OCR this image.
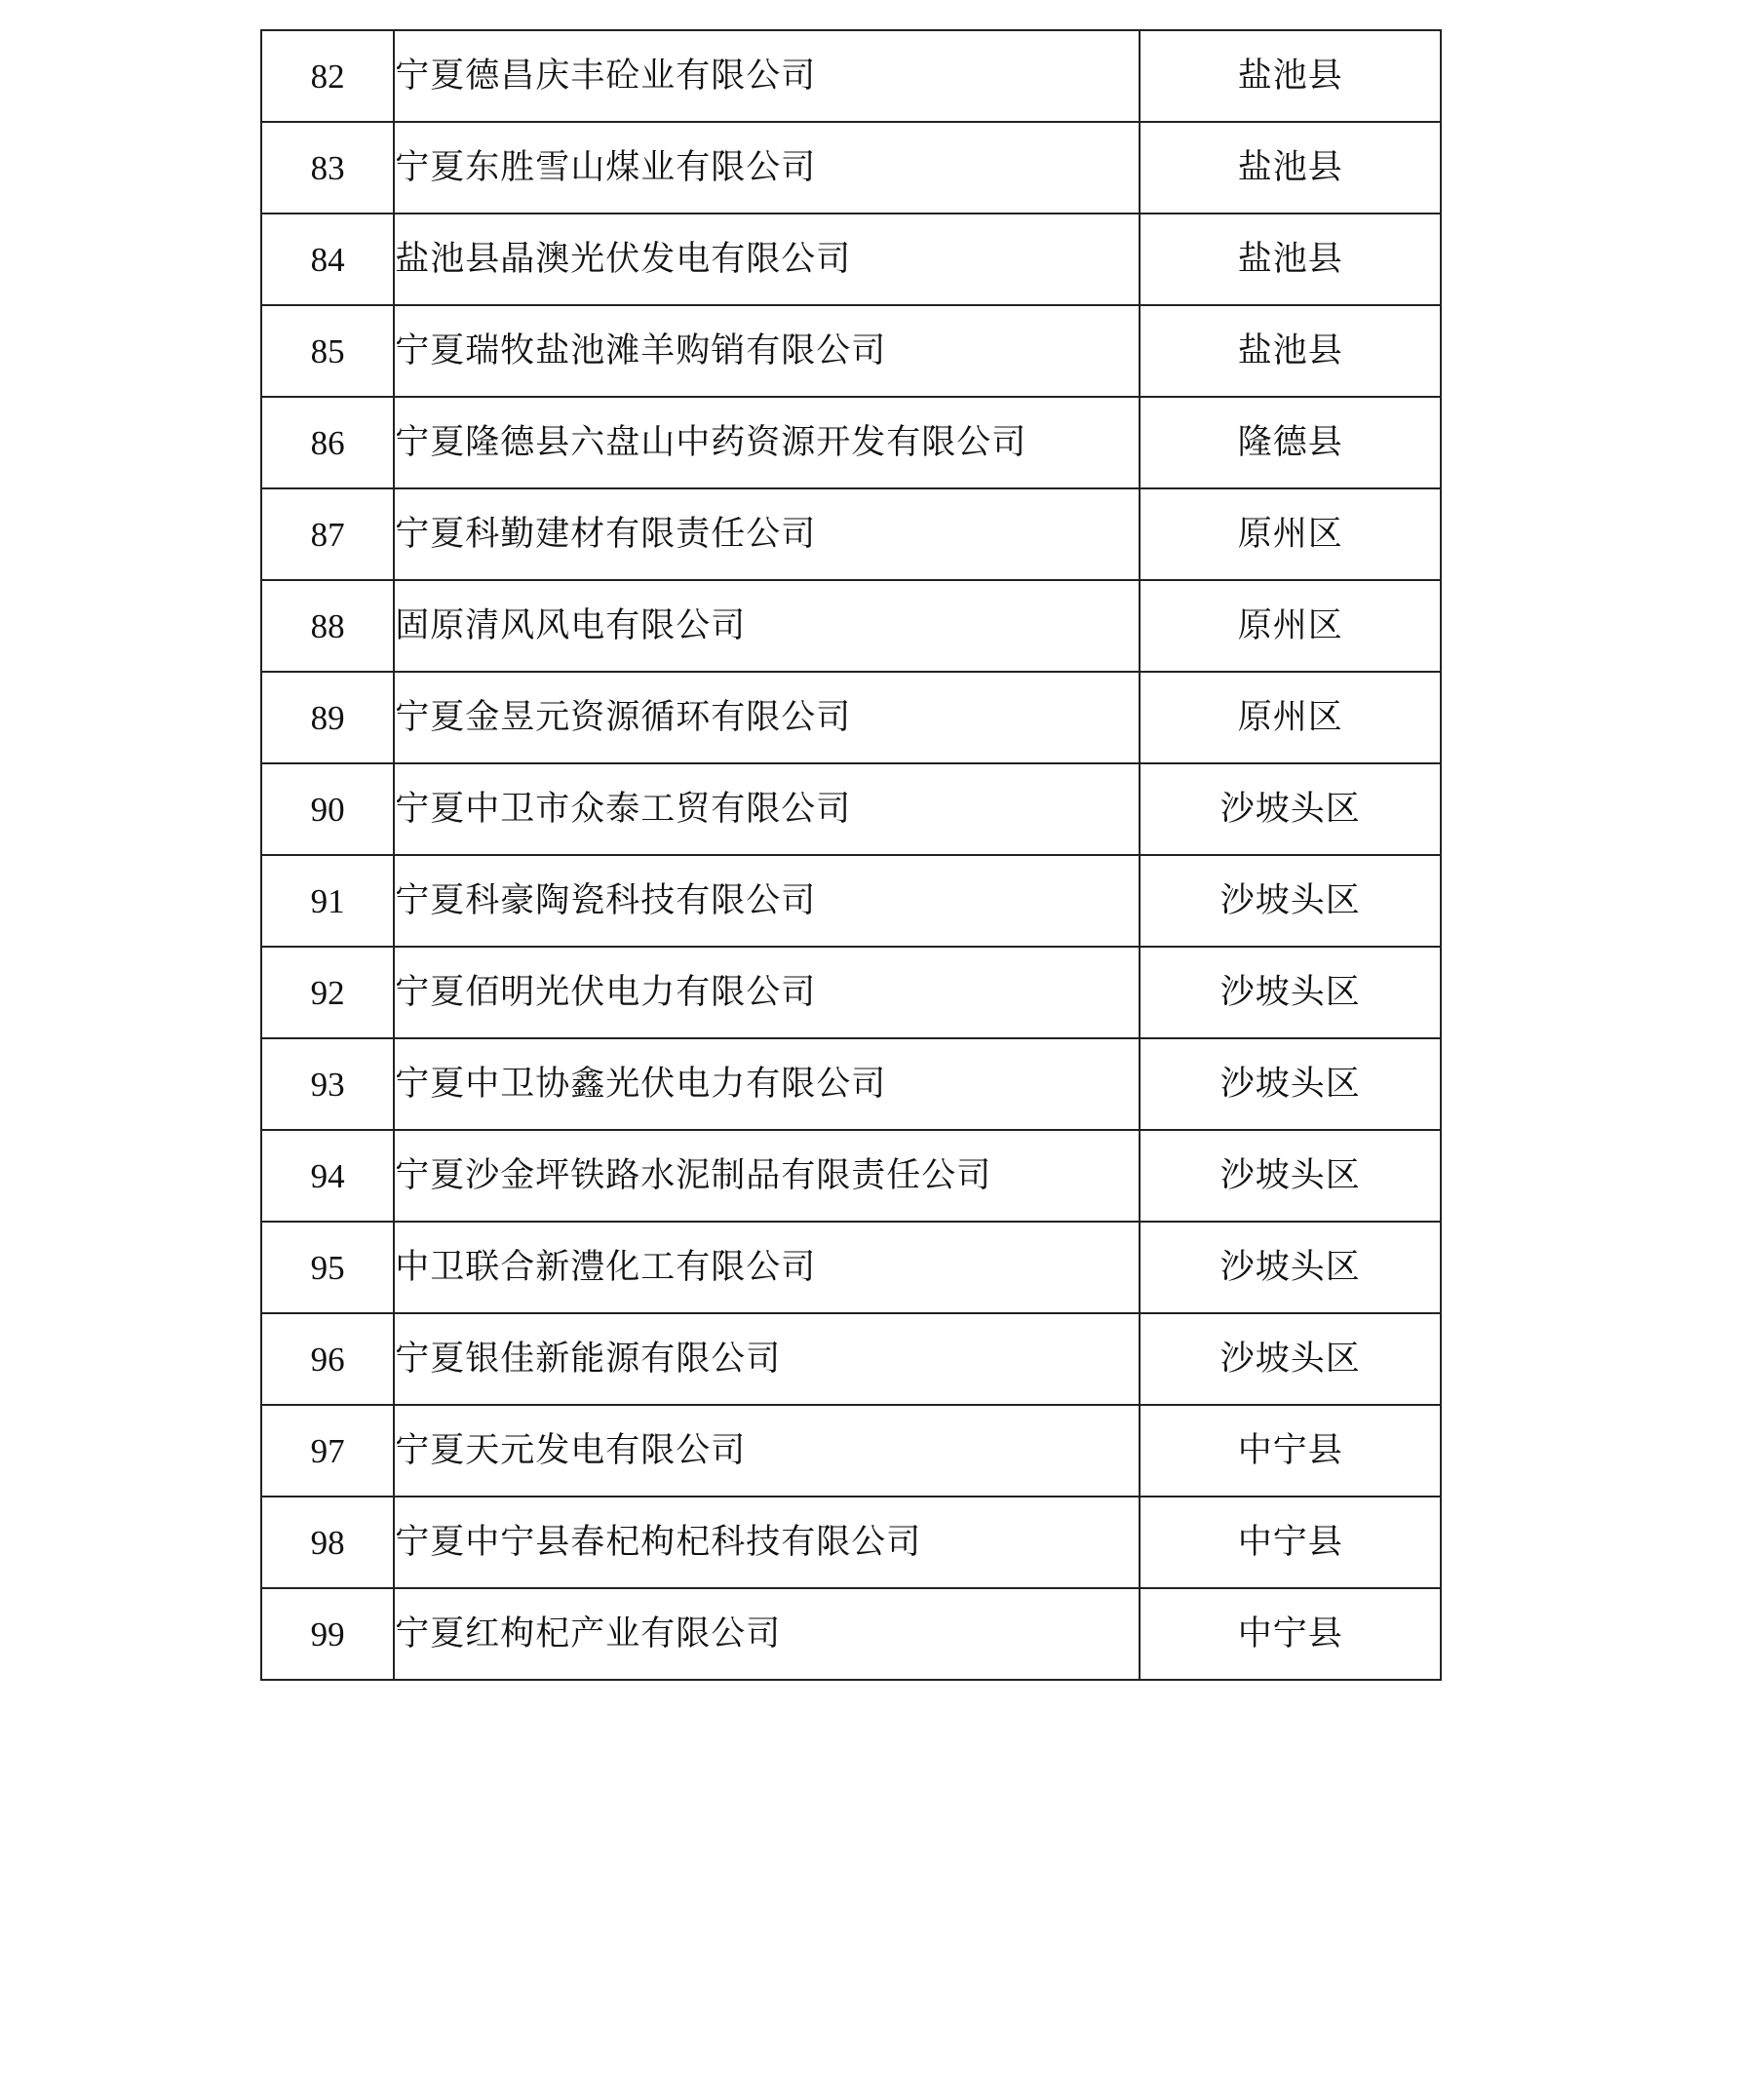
82	宁夏德昌庆丰砼业有限公司	盐池县
83	宁夏东胜雪山煤业有限公司	盐池县
84	盐池县晶澳光伏发电有限公司	盐池县
85	宁夏瑞牧盐池滩羊购销有限公司	盐池县
86	宁夏隆德县六盘山中药资源开发有限公司	隆德县
87	宁夏科勤建材有限责任公司	原州区
88	固原清风风电有限公司	原州区
89	宁夏金昱元资源循环有限公司	原州区
90	宁夏中卫市众泰工贸有限公司	沙坡头区
91	宁夏科豪陶瓷科技有限公司	沙坡头区
92	宁夏佰明光伏电力有限公司	沙坡头区
93	宁夏中卫协鑫光伏电力有限公司	沙坡头区
94	宁夏沙金坪铁路水泥制品有限责任公司	沙坡头区
95	中卫联合新澧化工有限公司	沙坡头区
96	宁夏银佳新能源有限公司	沙坡头区
97	宁夏天元发电有限公司	中宁县
98	宁夏中宁县春杞枸杞科技有限公司	中宁县
99	宁夏红枸杞产业有限公司	中宁县
